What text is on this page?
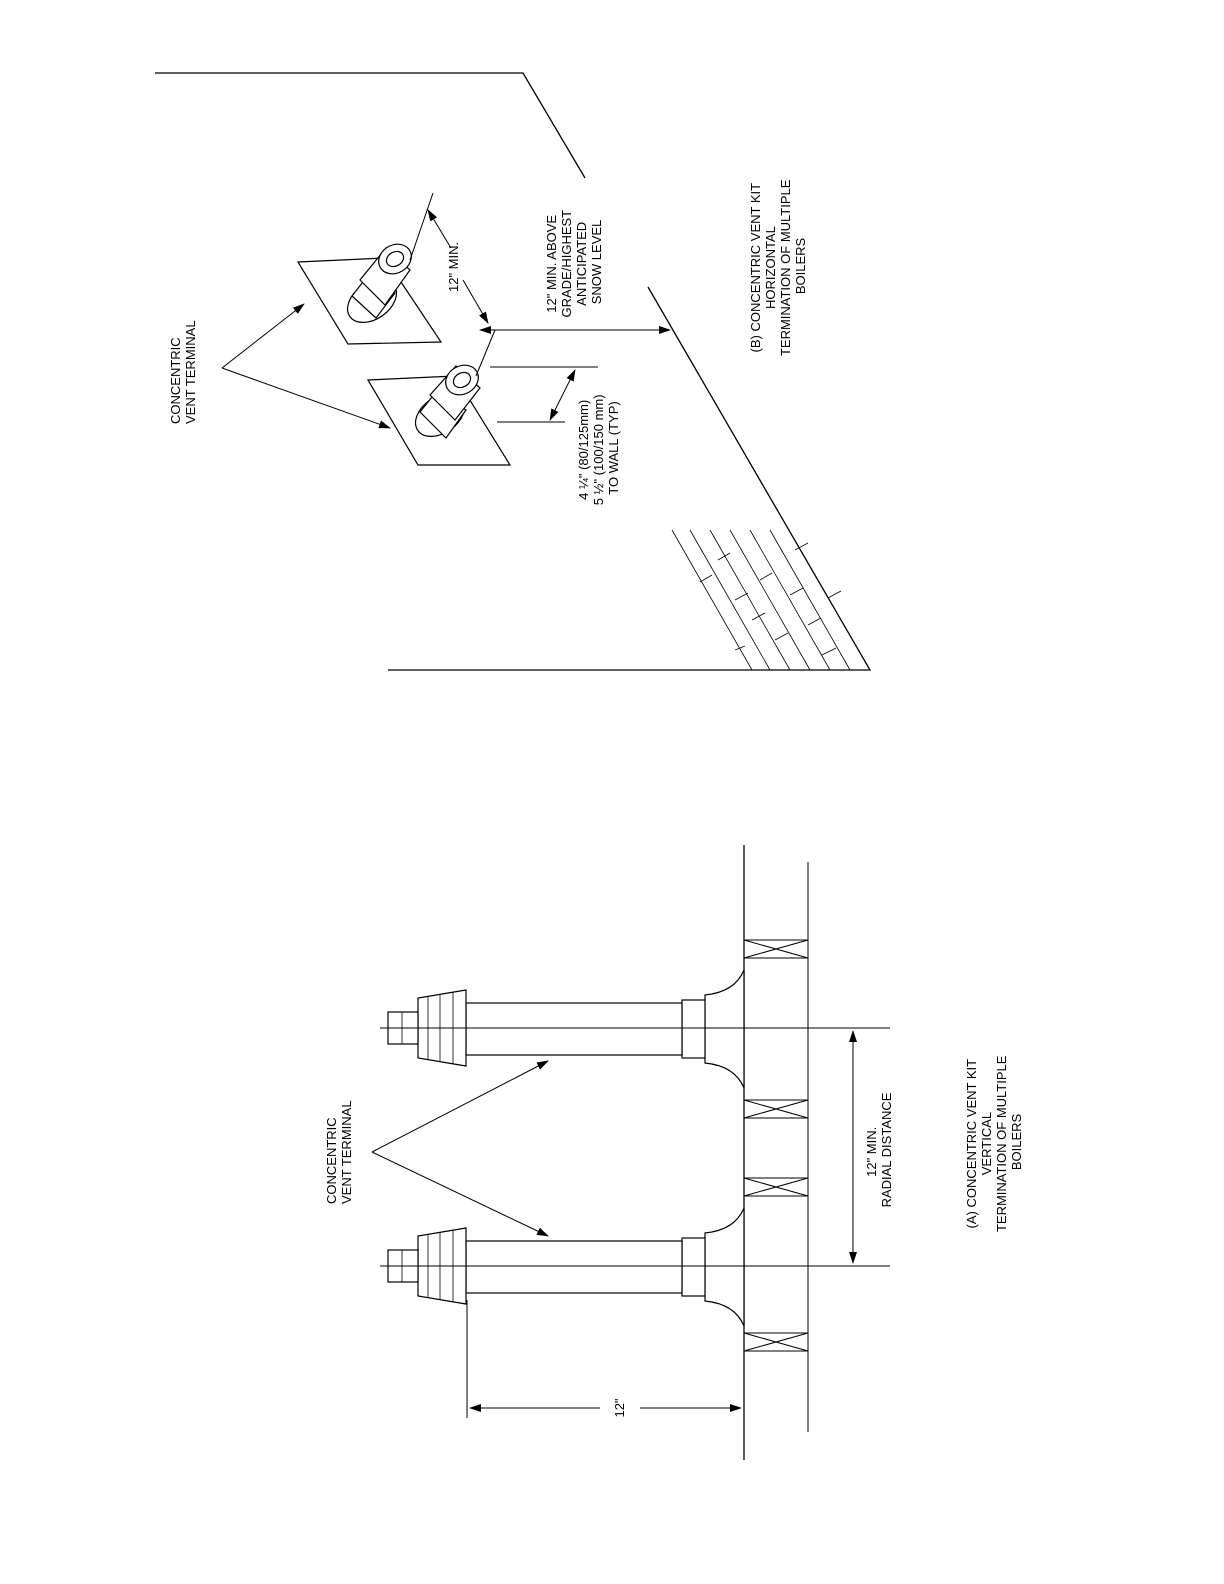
CONCENTRIC VENT TERMINAL
12" MIN.	12" MIN. ABOVE GRADE/HIGHEST ANTICIPATED SNOW LEVEL
4 ¼" (80/125mm) 5 ½" (100/150 mm) TO WALL (TYP)
(B) CONCENTRIC VENT KIT HORIZONTAL TERMINATION OF MULTIPLE BOILERS
12"
CONCENTRIC VENT TERMINAL	12" MIN. RADIAL DISTANCE	(A) CONCENTRIC VENT KIT VERTICAL TERMINATION OF MULTIPLE BOILERS
